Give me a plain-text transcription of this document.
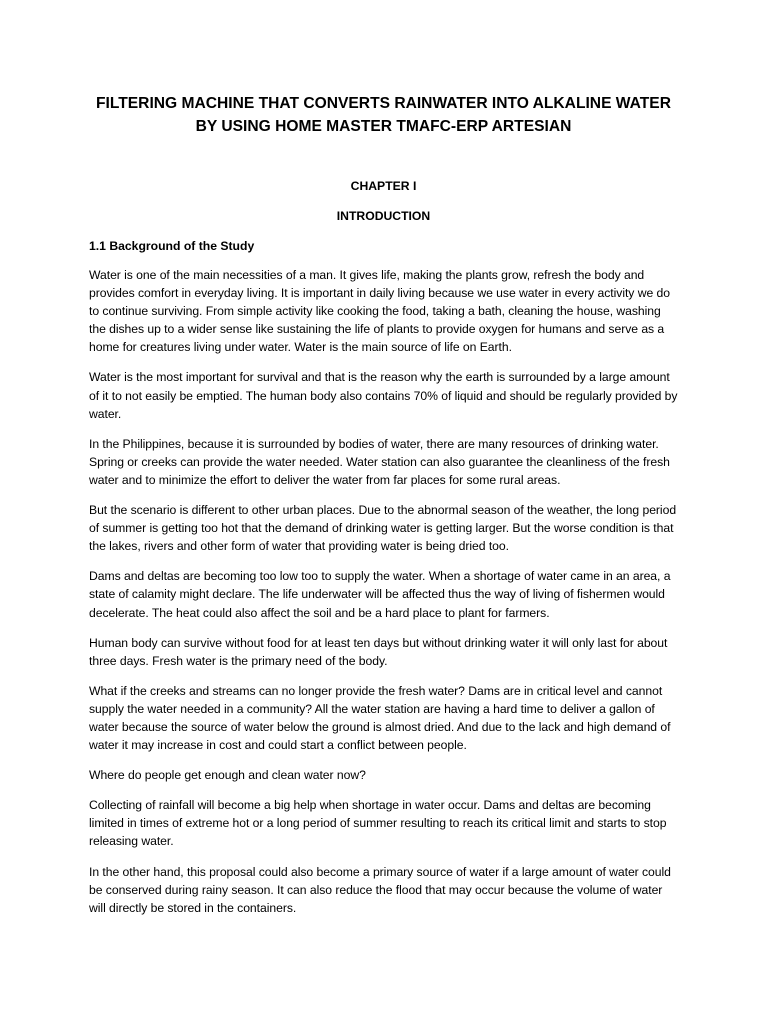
FILTERING MACHINE THAT CONVERTS RAINWATER INTO ALKALINE WATER BY USING HOME MASTER TMAFC-ERP ARTESIAN
CHAPTER I
INTRODUCTION
1.1 Background of the Study

Water is one of the main necessities of a man. It gives life, making the plants grow, refresh the body and provides comfort in everyday living. It is important in daily living because we use water in every activity we do to continue surviving. From simple activity like cooking the food, taking a bath, cleaning the house, washing the dishes up to a wider sense like sustaining the life of plants to provide oxygen for humans and serve as a home for creatures living under water. Water is the main source of life on Earth.

Water is the most important for survival and that is the reason why the earth is surrounded by a large amount of it to not easily be emptied. The human body also contains 70% of liquid and should be regularly provided by water.

In the Philippines, because it is surrounded by bodies of water, there are many resources of drinking water. Spring or creeks can provide the water needed. Water station can also guarantee the cleanliness of the fresh water and to minimize the effort to deliver the water from far places for some rural areas.

But the scenario is different to other urban places. Due to the abnormal season of the weather, the long period of summer is getting too hot that the demand of drinking water is getting larger. But the worse condition is that the lakes, rivers and other form of water that providing water is being dried too.

Dams and deltas are becoming too low too to supply the water. When a shortage of water came in an area, a state of calamity might declare. The life underwater will be affected thus the way of living of fishermen would decelerate. The heat could also affect the soil and be a hard place to plant for farmers.

Human body can survive without food for at least ten days but without drinking water it will only last for about three days. Fresh water is the primary need of the body.

What if the creeks and streams can no longer provide the fresh water? Dams are in critical level and cannot supply the water needed in a community? All the water station are having a hard time to deliver a gallon of water because the source of water below the ground is almost dried. And due to the lack and high demand of water it may increase in cost and could start a conflict between people.

Where do people get enough and clean water now?

Collecting of rainfall will become a big help when shortage in water occur. Dams and deltas are becoming limited in times of extreme hot or a long period of summer resulting to reach its critical limit and starts to stop releasing water.

In the other hand, this proposal could also become a primary source of water if a large amount of water could be conserved during rainy season. It can also reduce the flood that may occur because the volume of water will directly be stored in the containers.
